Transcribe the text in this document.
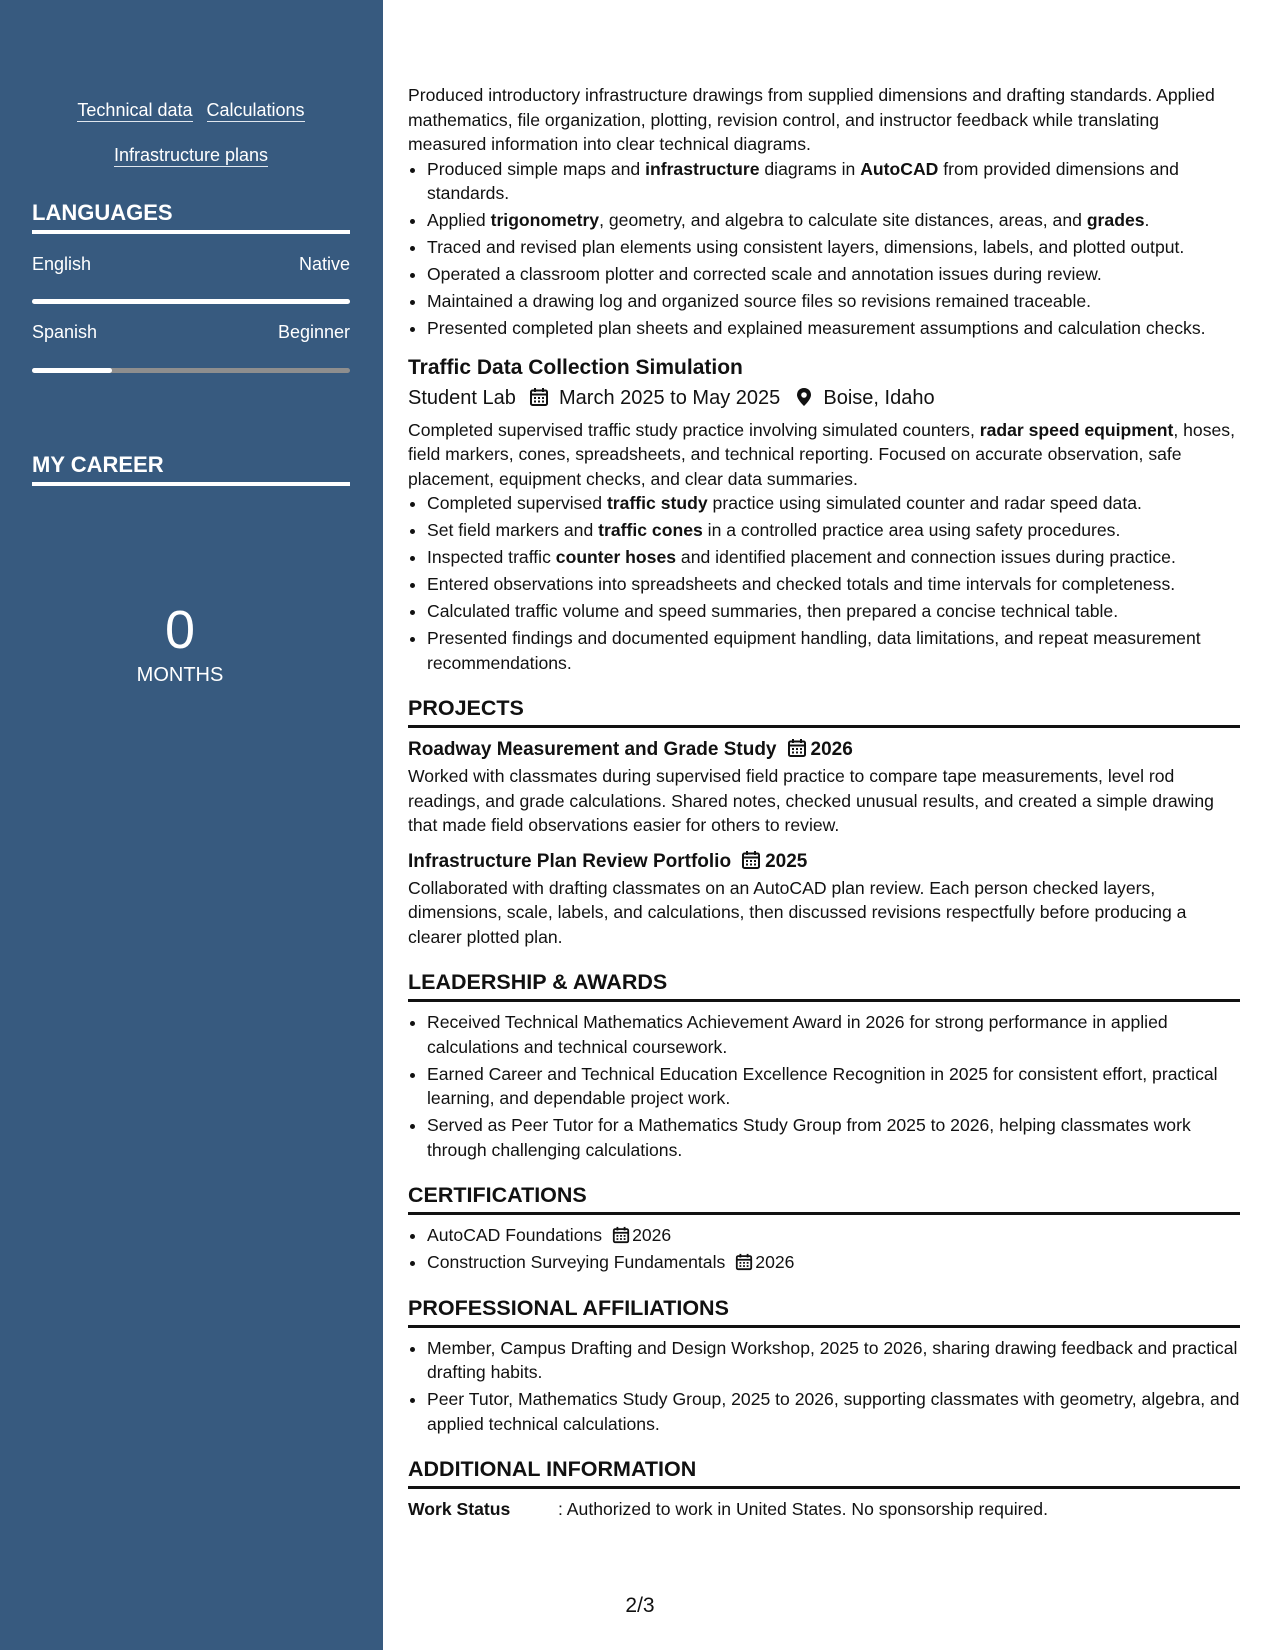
Technical data Calculations
Infrastructure plans
LANGUAGES
English	Native
Spanish	Beginner
MY CAREER
0
MONTHS

Produced introductory infrastructure drawings from supplied dimensions and drafting standards. Applied mathematics, file organization, plotting, revision control, and instructor feedback while translating measured information into clear technical diagrams.

• Produced simple maps and infrastructure diagrams in AutoCAD from provided dimensions and standards.
• Applied trigonometry, geometry, and algebra to calculate site distances, areas, and grades.
• Traced and revised plan elements using consistent layers, dimensions, labels, and plotted output.
• Operated a classroom plotter and corrected scale and annotation issues during review.
• Maintained a drawing log and organized source files so revisions remained traceable.
• Presented completed plan sheets and explained measurement assumptions and calculation checks.
Traffic Data Collection Simulation
Student Lab March 2025 to May 2025 Boise, Idaho

Completed supervised traffic study practice involving simulated counters, radar speed equipment, hoses, field markers, cones, spreadsheets, and technical reporting. Focused on accurate observation, safe placement, equipment checks, and clear data summaries.

• Completed supervised traffic study practice using simulated counter and radar speed data.
• Set field markers and traffic cones in a controlled practice area using safety procedures.
• Inspected traffic counter hoses and identified placement and connection issues during practice.
• Entered observations into spreadsheets and checked totals and time intervals for completeness.
• Calculated traffic volume and speed summaries, then prepared a concise technical table.
• Presented findings and documented equipment handling, data limitations, and repeat measurement recommendations.
PROJECTS
Roadway Measurement and Grade Study 2026

Worked with classmates during supervised field practice to compare tape measurements, level rod readings, and grade calculations. Shared notes, checked unusual results, and created a simple drawing that made field observations easier for others to review.

Infrastructure Plan Review Portfolio 2025

Collaborated with drafting classmates on an AutoCAD plan review. Each person checked layers, dimensions, scale, labels, and calculations, then discussed revisions respectfully before producing a clearer plotted plan.

LEADERSHIP & AWARDS
• Received Technical Mathematics Achievement Award in 2026 for strong performance in applied calculations and technical coursework.
• Earned Career and Technical Education Excellence Recognition in 2025 for consistent effort, practical learning, and dependable project work.
• Served as Peer Tutor for a Mathematics Study Group from 2025 to 2026, helping classmates work through challenging calculations.
CERTIFICATIONS
• AutoCAD Foundations 2026
• Construction Surveying Fundamentals 2026
PROFESSIONAL AFFILIATIONS
• Member, Campus Drafting and Design Workshop, 2025 to 2026, sharing drawing feedback and practical drafting habits.
• Peer Tutor, Mathematics Study Group, 2025 to 2026, supporting classmates with geometry, algebra, and applied technical calculations.
ADDITIONAL INFORMATION
Work Status	: Authorized to work in United States. No sponsorship required.
2/3
